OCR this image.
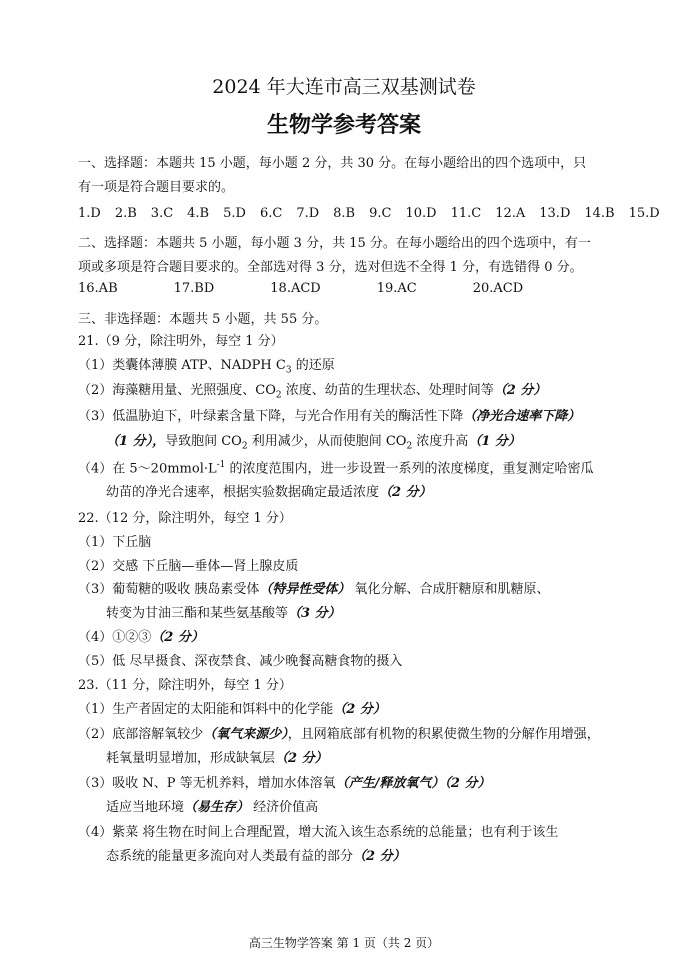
2024 年大连市高三双基测试卷
生物学参考答案
一、选择题：本题共 15 小题，每小题 2 分，共 30 分。在每小题给出的四个选项中，只
有一项是符合题目要求的。
1.D 2.B 3.C 4.B 5.D 6.C 7.D 8.B 9.C 10.D 11.C 12.A 13.D 14.B 15.D
二、选择题：本题共 5 小题，每小题 3 分，共 15 分。在每小题给出的四个选项中，有一
项或多项是符合题目要求的。全部选对得 3 分，选对但选不全得 1 分，有选错得 0 分。
16.AB	17.BD	18.ACD	19.AC	20.ACD
三、非选择题：本题共 5 小题，共 55 分。
21.（9 分，除注明外，每空 1 分）
（1）类囊体薄膜 ATP、NADPH $C_3$ 的还原
（2）海藻糖用量、光照强度、$CO_2$ 浓度、幼苗的生理状态、处理时间等（2 分）
（3）低温胁迫下，叶绿素含量下降，与光合作用有关的酶活性下降（净光合速率下降）
（1 分），导致胞间 $CO_2$ 利用减少，从而使胞间 $CO_2$ 浓度升高（1 分）
（4）在 $5\sim 20mmol\cdot L^{-1}$ 的浓度范围内，进一步设置一系列的浓度梯度，重复测定哈密瓜
幼苗的净光合速率，根据实验数据确定最适浓度（2 分）
22.（12 分，除注明外，每空 1 分）
（1）下丘脑
（2）交感 下丘脑—垂体—肾上腺皮质
（3）葡萄糖的吸收 胰岛素受体（特异性受体） 氧化分解、合成肝糖原和肌糖原、
转变为甘油三酯和某些氨基酸等（3 分）
（4）①②③（2 分）
（5）低 尽早摄食、深夜禁食、减少晚餐高糖食物的摄入
23.（11 分，除注明外，每空 1 分）
（1）生产者固定的太阳能和饵料中的化学能（2 分）
（2）底部溶解氧较少（氧气来源少），且网箱底部有机物的积累使微生物的分解作用增强，
耗氧量明显增加，形成缺氧层（2 分）
（3）吸收 N、P 等无机养料，增加水体溶氧（产生/释放氧气）（2 分）
适应当地环境（易生存） 经济价值高
（4）紫菜 将生物在时间上合理配置，增大流入该生态系统的总能量；也有利于该生
态系统的能量更多流向对人类最有益的部分（2 分）
高三生物学答案 第 1 页（共 2 页）
